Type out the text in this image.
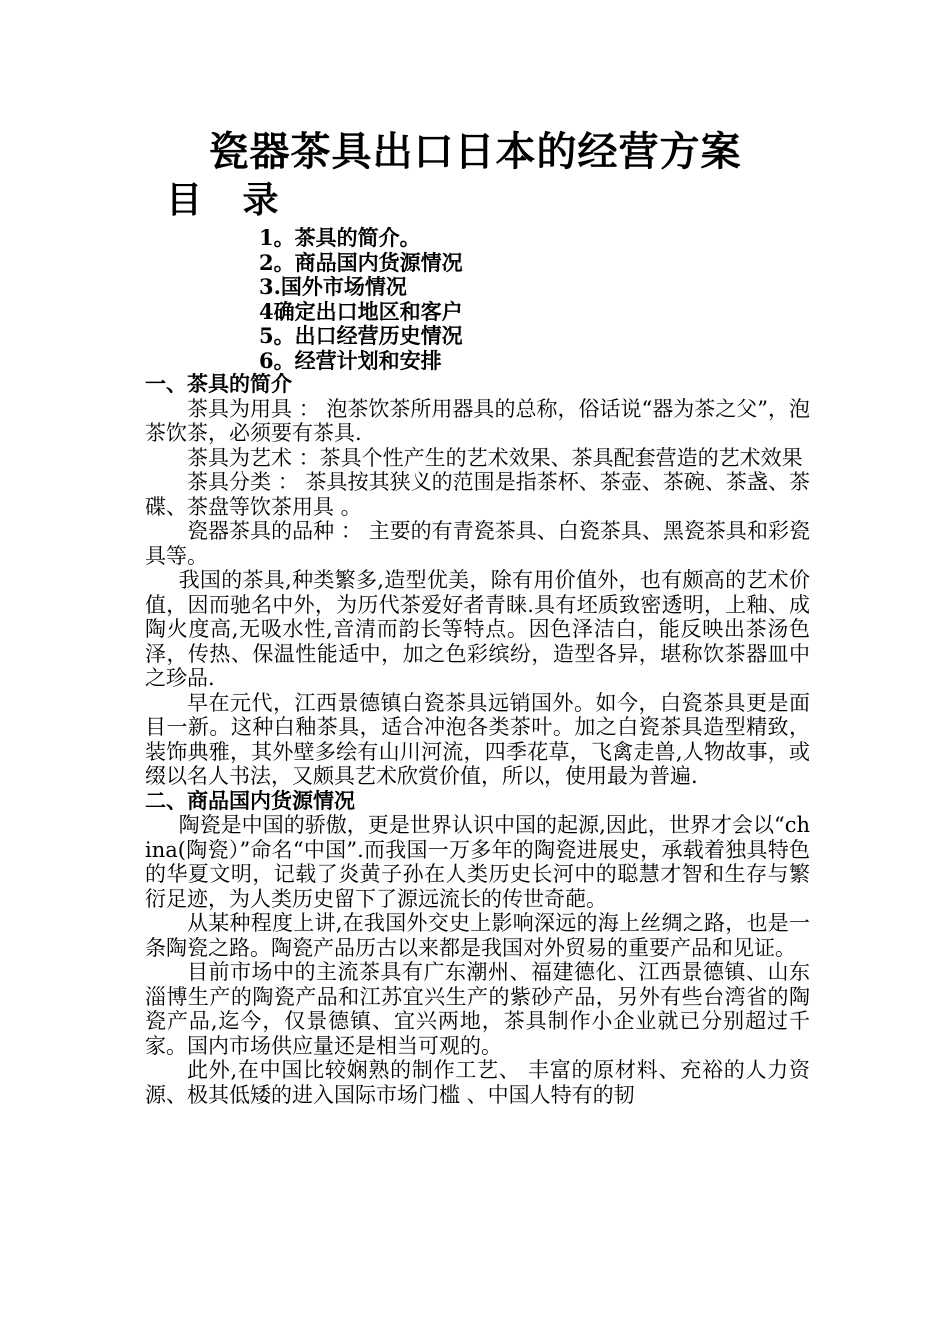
瓷器茶具出口日本的经营方案
目 录
1。茶具的简介。
2。商品国内货源情况
3.国外市场情况
4确定出口地区和客户
5。出口经营历史情况
6。经营计划和安排

一、茶具的简介

茶具为用具 ： 泡茶饮茶所用器具的总称，俗话说“器为茶之父”，泡茶饮茶，必须要有茶具.

茶具为艺术 ：茶具个性产生的艺术效果、茶具配套营造的艺术效果

茶具分类 ： 茶具按其狭义的范围是指茶杯、茶壶、茶碗、茶盏、茶碟、茶盘等饮茶用具 。

瓷器茶具的品种 ： 主要的有青瓷茶具、白瓷茶具、黑瓷茶具和彩瓷具等。

我国的茶具,种类繁多,造型优美，除有用价值外，也有颇高的艺术价值，因而驰名中外，为历代茶爱好者青睐.具有坯质致密透明，上釉、成陶火度高,无吸水性,音清而韵长等特点。因色泽洁白，能反映出茶汤色泽，传热、保温性能适中，加之色彩缤纷，造型各异，堪称饮茶器皿中之珍品.

早在元代，江西景德镇白瓷茶具远销国外。如今，白瓷茶具更是面目一新。这种白釉茶具，适合冲泡各类茶叶。加之白瓷茶具造型精致，装饰典雅，其外壁多绘有山川河流，四季花草，飞禽走兽,人物故事，或缀以名人书法，又颇具艺术欣赏价值，所以，使用最为普遍.

二、商品国内货源情况

陶瓷是中国的骄傲，更是世界认识中国的起源,因此，世界才会以“china(陶瓷）”命名“中国”.而我国一万多年的陶瓷进展史，承载着独具特色的华夏文明，记载了炎黄子孙在人类历史长河中的聪慧才智和生存与繁衍足迹，为人类历史留下了源远流长的传世奇葩。

从某种程度上讲,在我国外交史上影响深远的海上丝绸之路，也是一条陶瓷之路。陶瓷产品历古以来都是我国对外贸易的重要产品和见证。

目前市场中的主流茶具有广东潮州、福建德化、江西景德镇、山东淄博生产的陶瓷产品和江苏宜兴生产的紫砂产品，另外有些台湾省的陶瓷产品,迄今，仅景德镇、宜兴两地，茶具制作小企业就已分别超过千家。国内市场供应量还是相当可观的。

此外,在中国比较娴熟的制作工艺、 丰富的原材料、充裕的人力资源、极其低矮的进入国际市场门槛 、中国人特有的韧
